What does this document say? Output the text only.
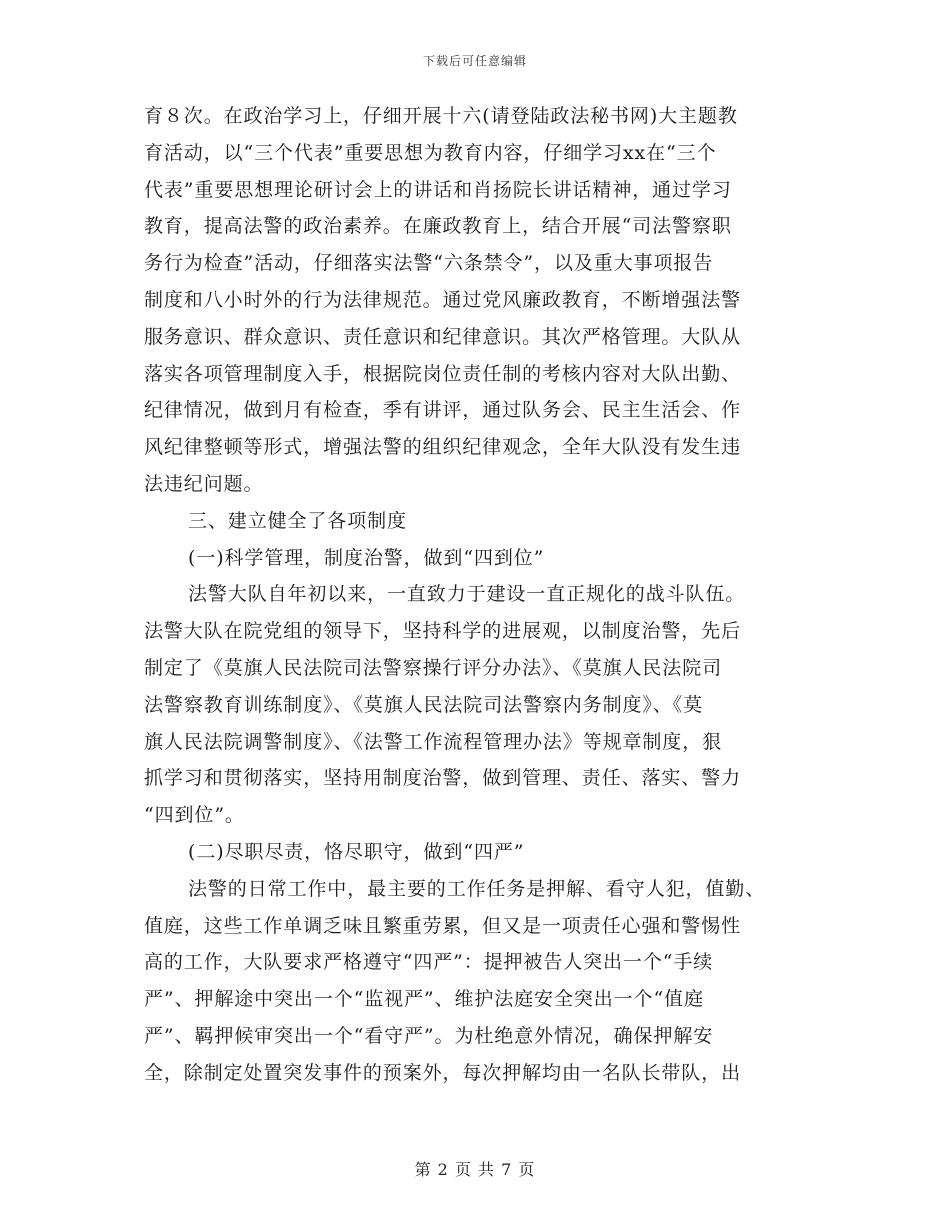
下载后可任意编辑
育８次。在政治学习上，仔细开展十六(请登陆政法秘书网)大主题教
育活动，以“三个代表”重要思想为教育内容，仔细学习xx在“三个
代表”重要思想理论研讨会上的讲话和肖扬院长讲话精神，通过学习
教育，提高法警的政治素养。在廉政教育上，结合开展“司法警察职
务行为检查”活动，仔细落实法警“六条禁令”，以及重大事项报告
制度和八小时外的行为法律规范。通过党风廉政教育，不断增强法警
服务意识、群众意识、责任意识和纪律意识。其次严格管理。大队从
落实各项管理制度入手，根据院岗位责任制的考核内容对大队出勤、
纪律情况，做到月有检查，季有讲评，通过队务会、民主生活会、作
风纪律整顿等形式，增强法警的组织纪律观念，全年大队没有发生违
法违纪问题。
三、建立健全了各项制度
(一)科学管理，制度治警，做到“四到位”
法警大队自年初以来，一直致力于建设一直正规化的战斗队伍。
法警大队在院党组的领导下，坚持科学的进展观，以制度治警，先后
制定了《莫旗人民法院司法警察操行评分办法》、《莫旗人民法院司
法警察教育训练制度》、《莫旗人民法院司法警察内务制度》、《莫
旗人民法院调警制度》、《法警工作流程管理办法》等规章制度，狠
抓学习和贯彻落实，坚持用制度治警，做到管理、责任、落实、警力
“四到位”。
(二)尽职尽责，恪尽职守，做到“四严”
法警的日常工作中，最主要的工作任务是押解、看守人犯，值勤、
值庭，这些工作单调乏味且繁重劳累，但又是一项责任心强和警惕性
高的工作，大队要求严格遵守“四严”：提押被告人突出一个“手续
严”、押解途中突出一个“监视严”、维护法庭安全突出一个“值庭
严”、羁押候审突出一个“看守严”。为杜绝意外情况，确保押解安
全，除制定处置突发事件的预案外，每次押解均由一名队长带队，出
第 2 页 共 7 页
